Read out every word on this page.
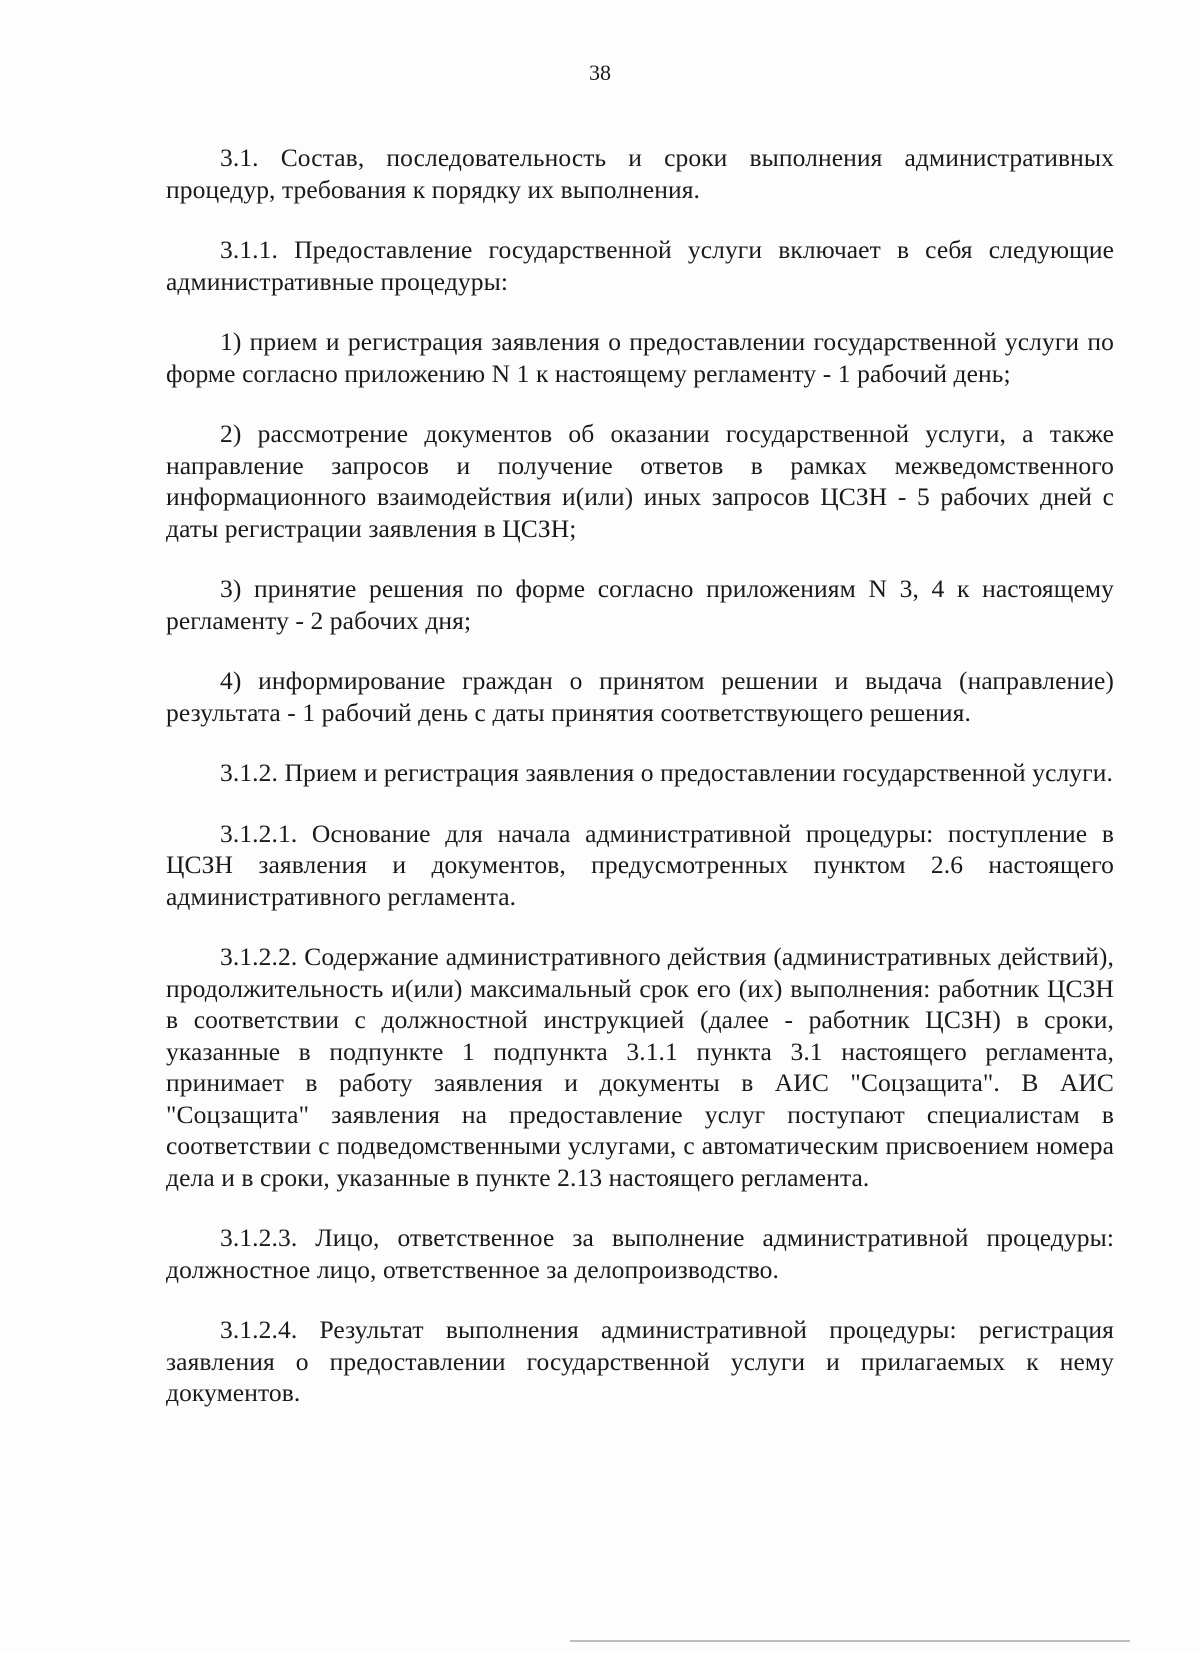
38

3.1. Состав, последовательность и сроки выполнения административных процедур, требования к порядку их выполнения.

3.1.1. Предоставление государственной услуги включает в себя следующие административные процедуры:

1) прием и регистрация заявления о предоставлении государственной услуги по форме согласно приложению N 1 к настоящему регламенту - 1 рабочий день;

2) рассмотрение документов об оказании государственной услуги, а также направление запросов и получение ответов в рамках межведомственного информационного взаимодействия и(или) иных запросов ЦСЗН - 5 рабочих дней с даты регистрации заявления в ЦСЗН;

3) принятие решения по форме согласно приложениям N 3, 4 к настоящему регламенту - 2 рабочих дня;

4) информирование граждан о принятом решении и выдача (направление) результата - 1 рабочий день с даты принятия соответствующего решения.

3.1.2. Прием и регистрация заявления о предоставлении государственной услуги.

3.1.2.1. Основание для начала административной процедуры: поступление в ЦСЗН заявления и документов, предусмотренных пунктом 2.6 настоящего административного регламента.

3.1.2.2. Содержание административного действия (административных действий), продолжительность и(или) максимальный срок его (их) выполнения: работник ЦСЗН в соответствии с должностной инструкцией (далее - работник ЦСЗН) в сроки, указанные в подпункте 1 подпункта 3.1.1 пункта 3.1 настоящего регламента, принимает в работу заявления и документы в АИС "Соцзащита". В АИС "Соцзащита" заявления на предоставление услуг поступают специалистам в соответствии с подведомственными услугами, с автоматическим присвоением номера дела и в сроки, указанные в пункте 2.13 настоящего регламента.

3.1.2.3. Лицо, ответственное за выполнение административной процедуры: должностное лицо, ответственное за делопроизводство.

3.1.2.4. Результат выполнения административной процедуры: регистрация заявления о предоставлении государственной услуги и прилагаемых к нему документов.
